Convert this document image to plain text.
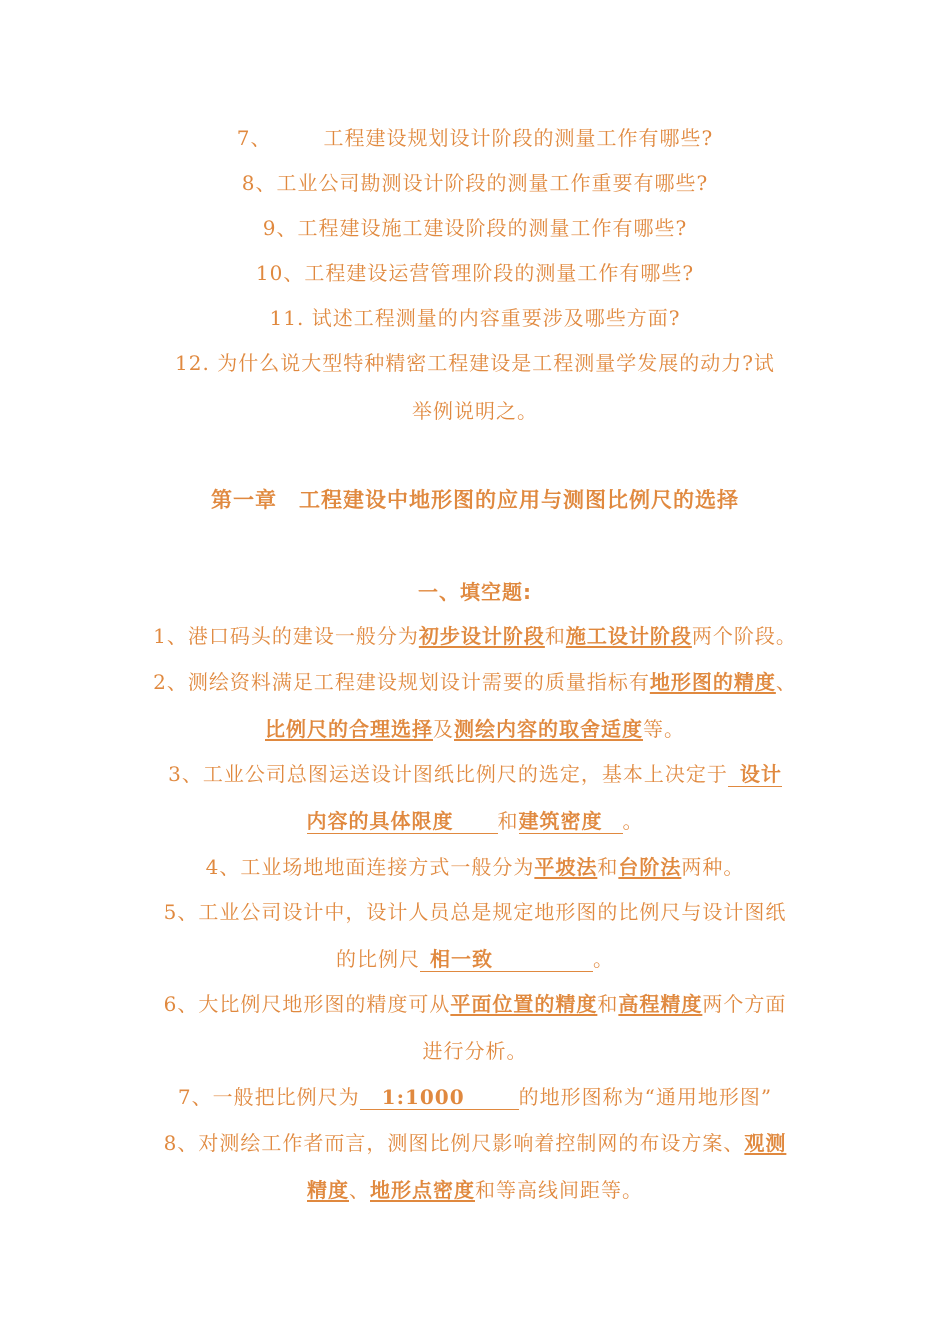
7、	工程建设规划设计阶段的测量工作有哪些?
8、工业公司勘测设计阶段的测量工作重要有哪些?
9、工程建设施工建设阶段的测量工作有哪些?
10、工程建设运营管理阶段的测量工作有哪些?
11. 试述工程测量的内容重要涉及哪些方面?
12. 为什么说大型特种精密工程建设是工程测量学发展的动力?试
举例说明之。
第一章　工程建设中地形图的应用与测图比例尺的选择
一、填空题:
1、港口码头的建设一般分为初步设计阶段和施工设计阶段两个阶段。
2、测绘资料满足工程建设规划设计需要的质量指标有地形图的精度、
比例尺的合理选择及测绘内容的取舍适度等。
3、工业公司总图运送设计图纸比例尺的选定，基本上决定于 设计
内容的具体限度 和建筑密度 。
4、工业场地地面连接方式一般分为平坡法和台阶法两种。
5、工业公司设计中，设计人员总是规定地形图的比例尺与设计图纸
的比例尺 相一致	。
6、大比例尺地形图的精度可从平面位置的精度和高程精度两个方面
进行分析。
7、一般把比例尺为 1:1000	的地形图称为“通用地形图”
8、对测绘工作者而言，测图比例尺影响着控制网的布设方案、观测
精度、地形点密度和等高线间距等。
